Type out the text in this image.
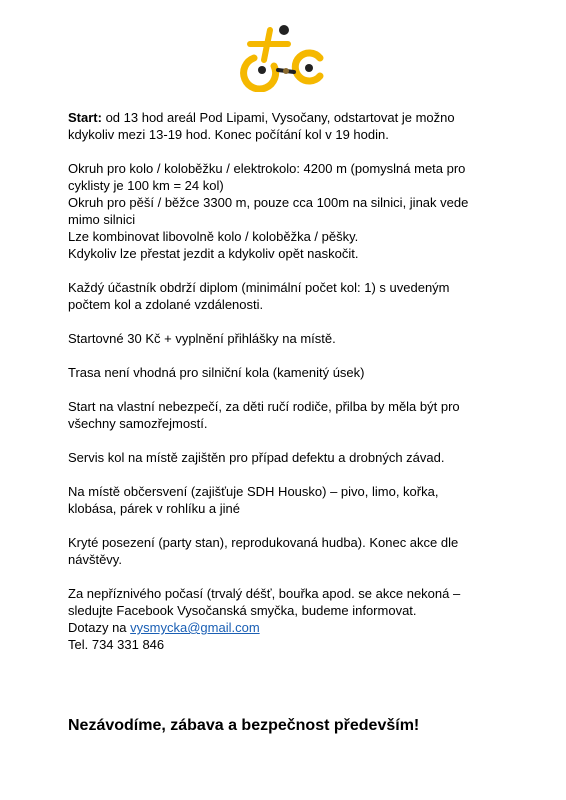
Start: od 13 hod areál Pod Lipami, Vysočany, odstartovat je možno
kdykoliv mezi 13-19 hod. Konec počítání kol v 19 hodin.

Okruh pro kolo / koloběžku / elektrokolo: 4200 m (pomyslná meta pro
cyklisty je 100 km = 24 kol)
Okruh pro pěší / běžce 3300 m, pouze cca 100m na silnici, jinak vede
mimo silnici
Lze kombinovat libovolně kolo / koloběžka / pěšky.
Kdykoliv lze přestat jezdit a kdykoliv opět naskočit.

Každý účastník obdrží diplom (minimální počet kol: 1) s uvedeným
počtem kol a zdolané vzdálenosti.

Startovné 30 Kč + vyplnění přihlášky na místě.

Trasa není vhodná pro silniční kola (kamenitý úsek)

Start na vlastní nebezpečí, za děti ručí rodiče, přilba by měla být pro
všechny samozřejmostí.

Servis kol na místě zajištěn pro případ defektu a drobných závad.

Na místě občersvení (zajišťuje SDH Housko) – pivo, limo, kořka,
klobása, párek v rohlíku a jiné

Kryté posezení (party stan), reprodukovaná hudba). Konec akce dle
návštěvy.

Za nepříznivého počasí (trvalý déšť, bouřka apod. se akce nekoná –
sledujte Facebook Vysočanská smyčka, budeme informovat.
Dotazy na vysmycka@gmail.com
Tel. 734 331 846

Nezávodíme, zábava a bezpečnost především!
